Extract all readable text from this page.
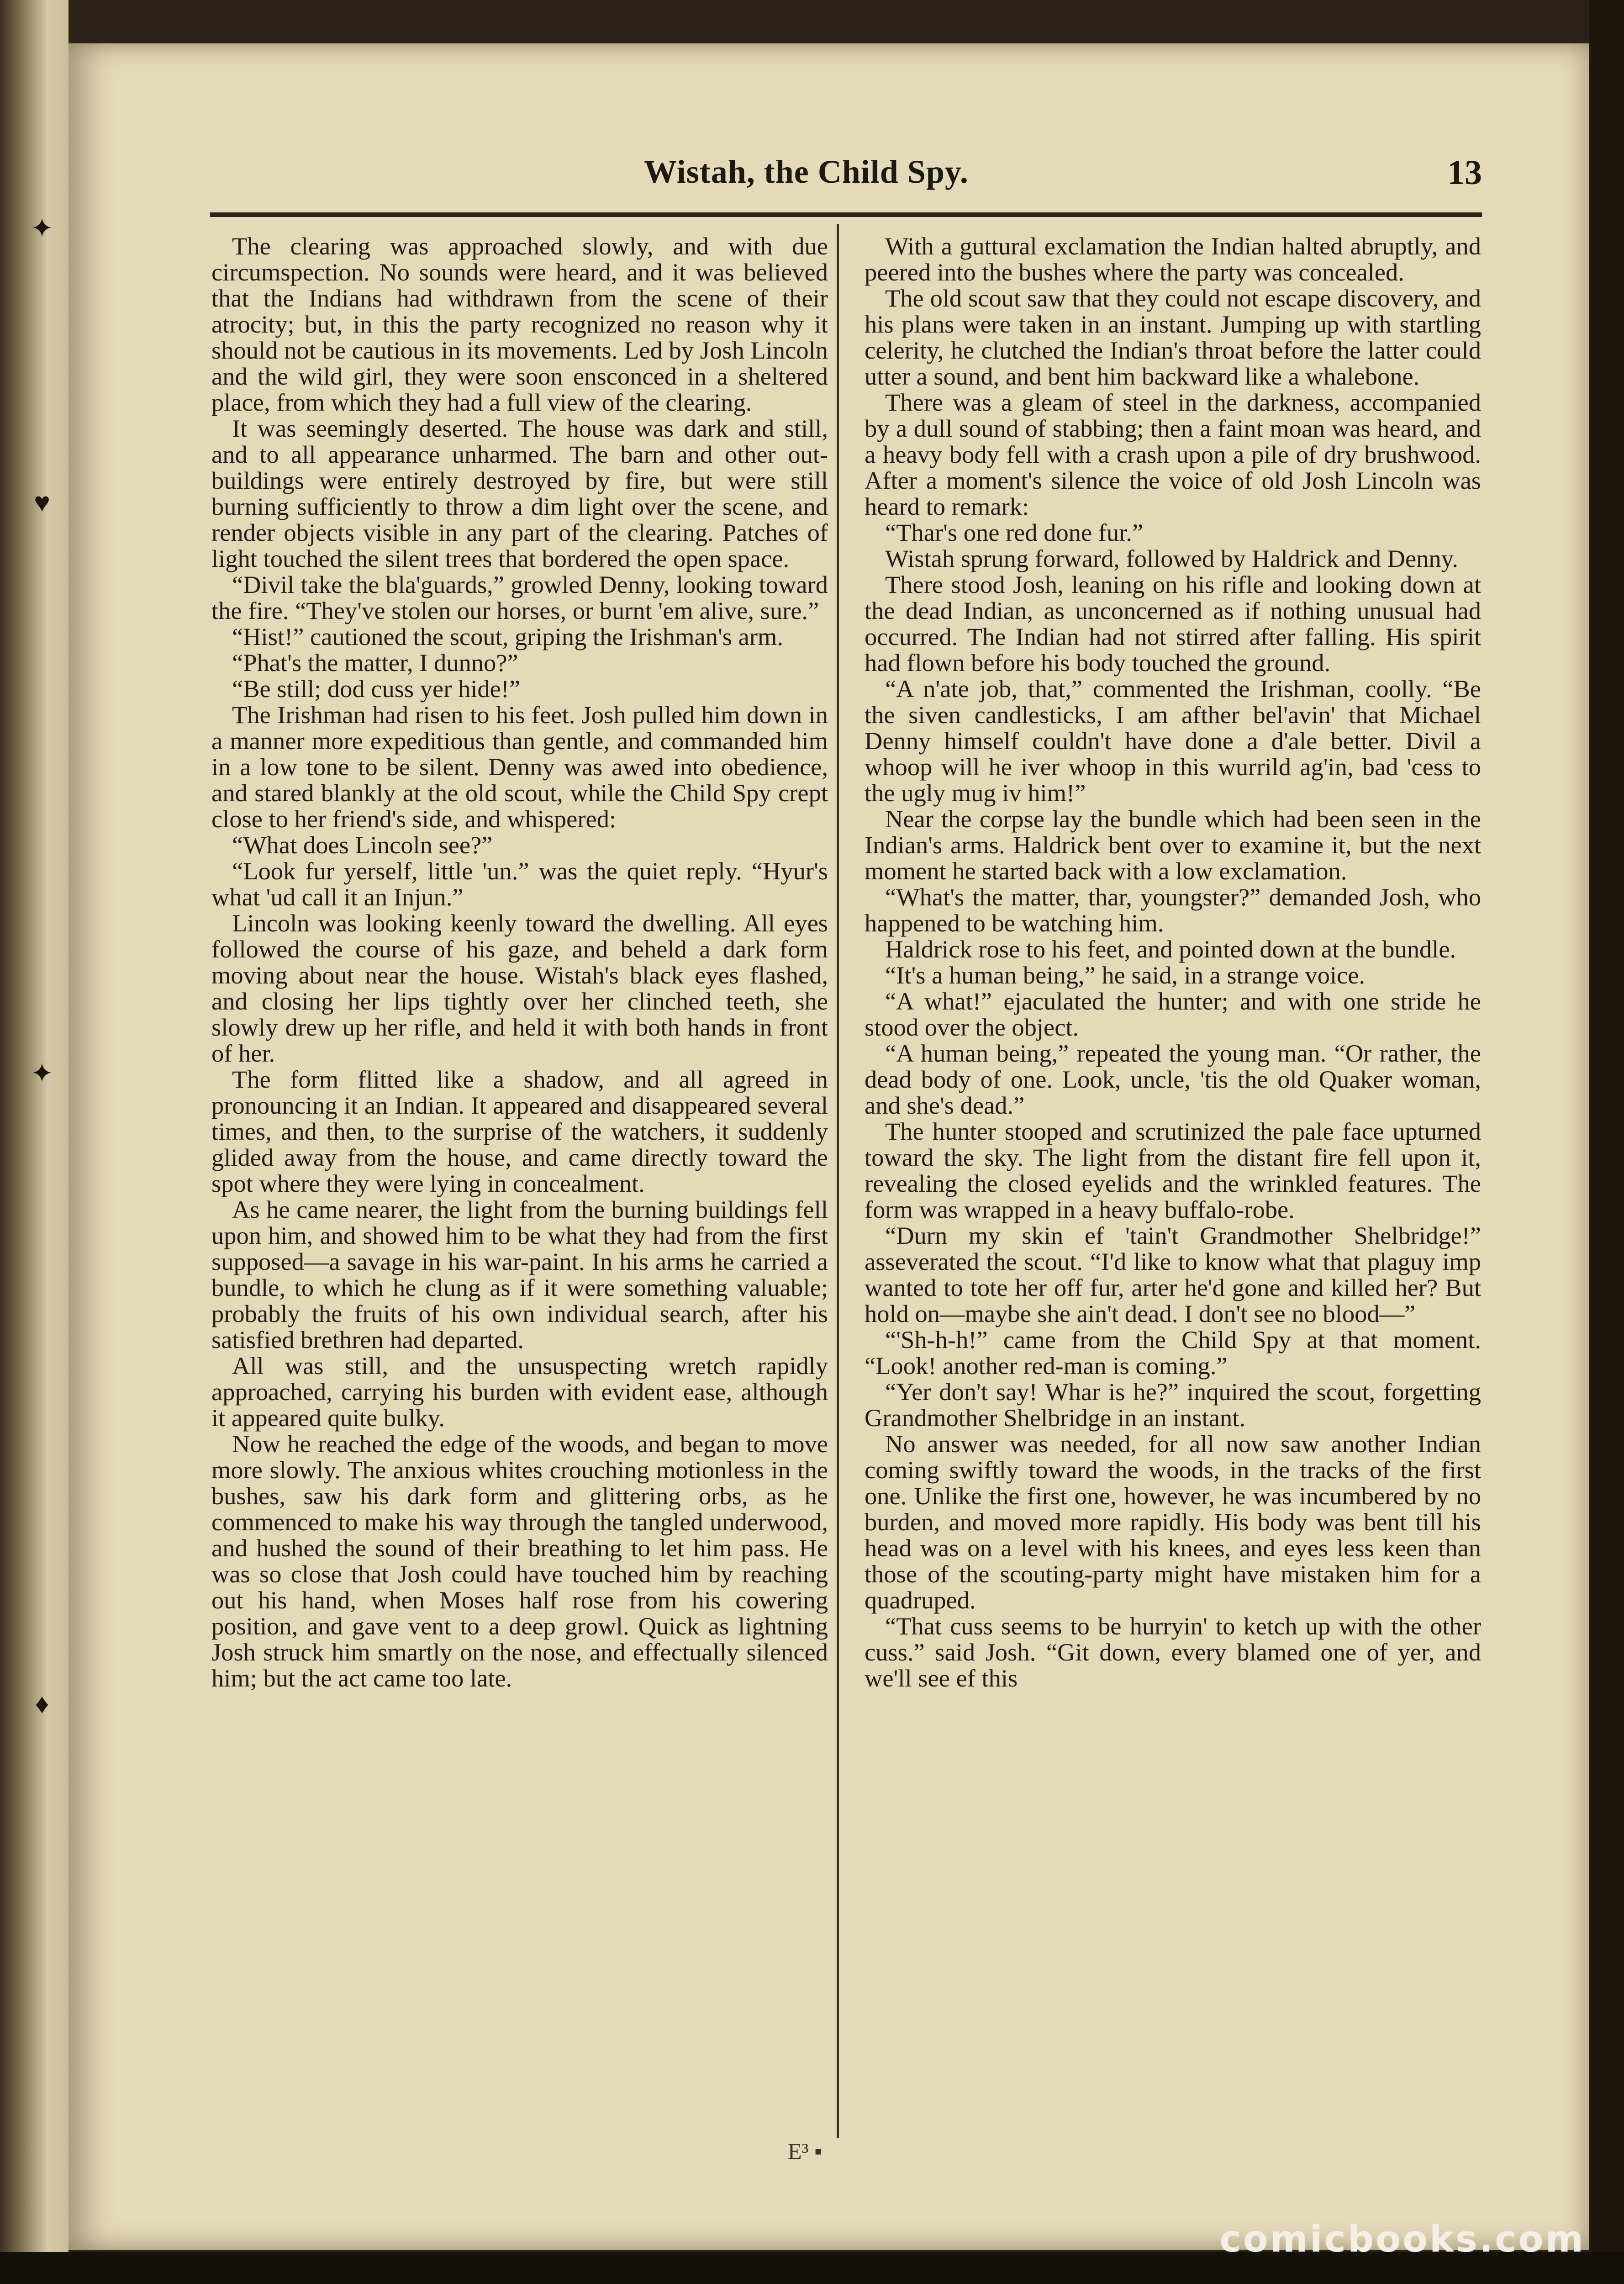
✦
♥
✦
♦
Wistah, the Child Spy.	13

The clearing was approached slowly, and with due circumspection. No sounds were heard, and it was believed that the Indians had withdrawn from the scene of their atrocity; but, in this the party recognized no reason why it should not be cautious in its movements. Led by Josh Lincoln and the wild girl, they were soon ensconced in a sheltered place, from which they had a full view of the clearing.

It was seemingly deserted. The house was dark and still, and to all appearance unharmed. The barn and other out-buildings were entirely destroyed by fire, but were still burning sufficiently to throw a dim light over the scene, and render objects visible in any part of the clearing. Patches of light touched the silent trees that bordered the open space.

“Divil take the bla'guards,” growled Denny, looking toward the fire. “They've stolen our horses, or burnt 'em alive, sure.”

“Hist!” cautioned the scout, griping the Irishman's arm.

“Phat's the matter, I dunno?”

“Be still; dod cuss yer hide!”

The Irishman had risen to his feet. Josh pulled him down in a manner more expeditious than gentle, and commanded him in a low tone to be silent. Denny was awed into obedience, and stared blankly at the old scout, while the Child Spy crept close to her friend's side, and whispered:

“What does Lincoln see?”

“Look fur yerself, little 'un.” was the quiet reply. “Hyur's what 'ud call it an Injun.”

Lincoln was looking keenly toward the dwelling. All eyes followed the course of his gaze, and beheld a dark form moving about near the house. Wistah's black eyes flashed, and closing her lips tightly over her clinched teeth, she slowly drew up her rifle, and held it with both hands in front of her.

The form flitted like a shadow, and all agreed in pronouncing it an Indian. It appeared and disappeared several times, and then, to the surprise of the watchers, it suddenly glided away from the house, and came directly toward the spot where they were lying in concealment.

As he came nearer, the light from the burning buildings fell upon him, and showed him to be what they had from the first supposed—a savage in his war-paint. In his arms he carried a bundle, to which he clung as if it were something valuable; probably the fruits of his own individual search, after his satisfied brethren had departed.

All was still, and the unsuspecting wretch rapidly approached, carrying his burden with evident ease, although it appeared quite bulky.

Now he reached the edge of the woods, and began to move more slowly. The anxious whites crouching motionless in the bushes, saw his dark form and glittering orbs, as he commenced to make his way through the tangled underwood, and hushed the sound of their breathing to let him pass. He was so close that Josh could have touched him by reaching out his hand, when Moses half rose from his cowering position, and gave vent to a deep growl. Quick as lightning Josh struck him smartly on the nose, and effectually silenced him; but the act came too late.

With a guttural exclamation the Indian halted abruptly, and peered into the bushes where the party was concealed.

The old scout saw that they could not escape discovery, and his plans were taken in an instant. Jumping up with startling celerity, he clutched the Indian's throat before the latter could utter a sound, and bent him backward like a whalebone.

There was a gleam of steel in the darkness, accompanied by a dull sound of stabbing; then a faint moan was heard, and a heavy body fell with a crash upon a pile of dry brushwood. After a moment's silence the voice of old Josh Lincoln was heard to remark:

“Thar's one red done fur.”

Wistah sprung forward, followed by Haldrick and Denny.

There stood Josh, leaning on his rifle and looking down at the dead Indian, as unconcerned as if nothing unusual had occurred. The Indian had not stirred after falling. His spirit had flown before his body touched the ground.

“A n'ate job, that,” commented the Irishman, coolly. “Be the siven candlesticks, I am afther bel'avin' that Michael Denny himself couldn't have done a d'ale better. Divil a whoop will he iver whoop in this wurrild ag'in, bad 'cess to the ugly mug iv him!”

Near the corpse lay the bundle which had been seen in the Indian's arms. Haldrick bent over to examine it, but the next moment he started back with a low exclamation.

“What's the matter, thar, youngster?” demanded Josh, who happened to be watching him.

Haldrick rose to his feet, and pointed down at the bundle.

“It's a human being,” he said, in a strange voice.

“A what!” ejaculated the hunter; and with one stride he stood over the object.

“A human being,” repeated the young man. “Or rather, the dead body of one. Look, uncle, 'tis the old Quaker woman, and she's dead.”

The hunter stooped and scrutinized the pale face upturned toward the sky. The light from the distant fire fell upon it, revealing the closed eyelids and the wrinkled features. The form was wrapped in a heavy buffalo-robe.

“Durn my skin ef 'tain't Grandmother Shelbridge!” asseverated the scout. “I'd like to know what that plaguy imp wanted to tote her off fur, arter he'd gone and killed her? But hold on—maybe she ain't dead. I don't see no blood—”

“'Sh-h-h!” came from the Child Spy at that moment. “Look! another red-man is coming.”

“Yer don't say! Whar is he?” inquired the scout, forgetting Grandmother Shelbridge in an instant.

No answer was needed, for all now saw another Indian coming swiftly toward the woods, in the tracks of the first one. Unlike the first one, however, he was incumbered by no burden, and moved more rapidly. His body was bent till his head was on a level with his knees, and eyes less keen than those of the scouting-party might have mistaken him for a quadruped.

“That cuss seems to be hurryin' to ketch up with the other cuss.” said Josh. “Git down, every blamed one of yer, and we'll see ef this

E³ ▪
comicbooks.com
